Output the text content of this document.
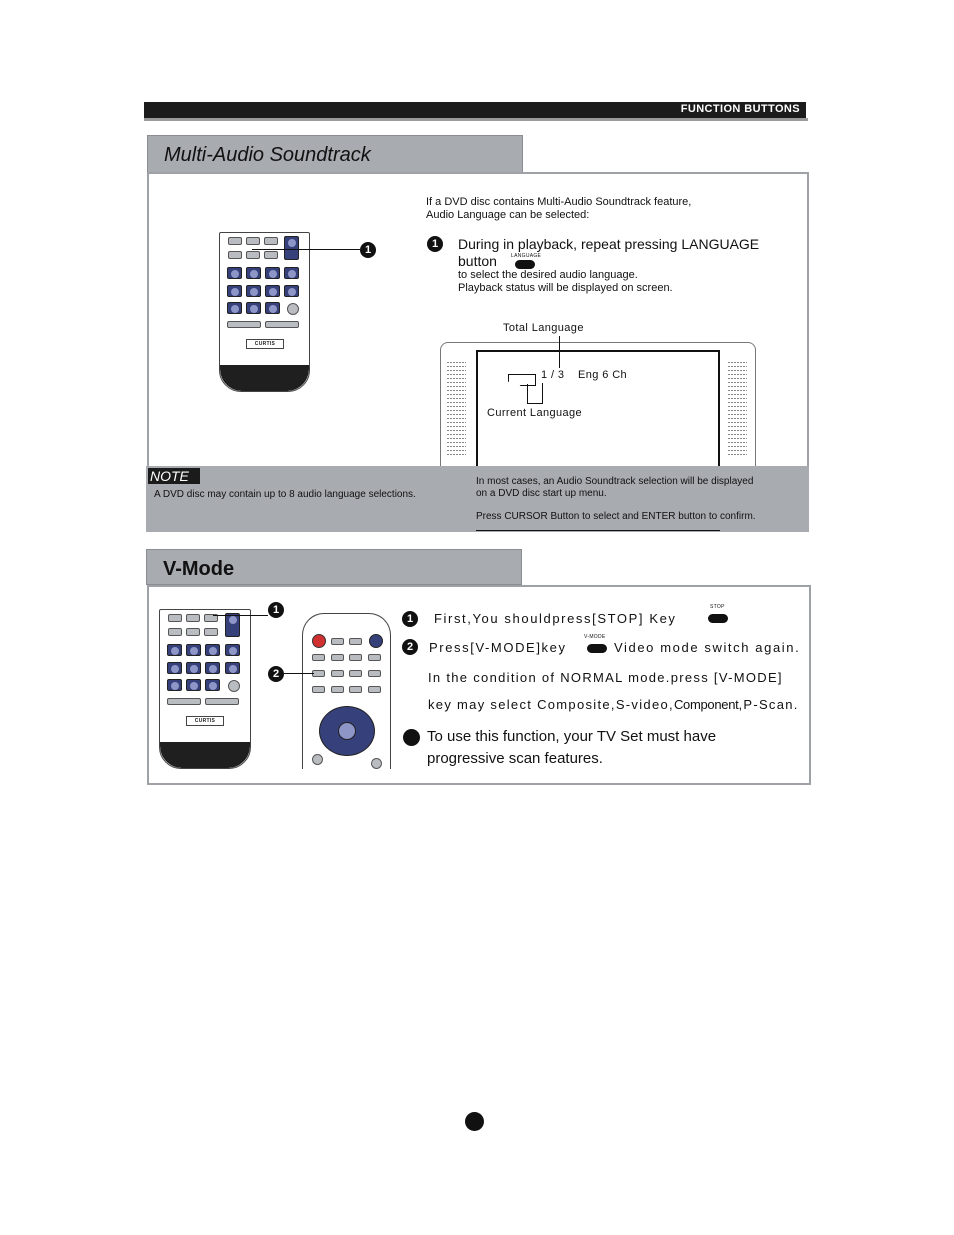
FUNCTION BUTTONS
Multi-Audio Soundtrack
CURTIS
1
If a DVD disc contains Multi-Audio Soundtrack feature,
Audio Language can be selected:
1	During in playback, repeat pressing LANGUAGE
button	LANGUAGE
to select the desired audio language.
Playback status will be displayed on screen.
Total Language
1 / 3 Eng 6 Ch
Current Language
NOTE
A DVD disc may contain up to 8 audio language selections.
In most cases, an Audio Soundtrack selection will be displayed
on a DVD disc start up menu.
Press CURSOR Button to select and ENTER button to confirm.
V-Mode
CURTIS
1
2
1	First,You shouldpress[STOP] Key
STOP
2	Press[V-MODE]key
V-MODE
Video mode switch again.
In the condition of NORMAL mode.press [V-MODE]
key may select Composite,S-video,Component,P-Scan.
To use this function, your TV Set must have
progressive scan features.
